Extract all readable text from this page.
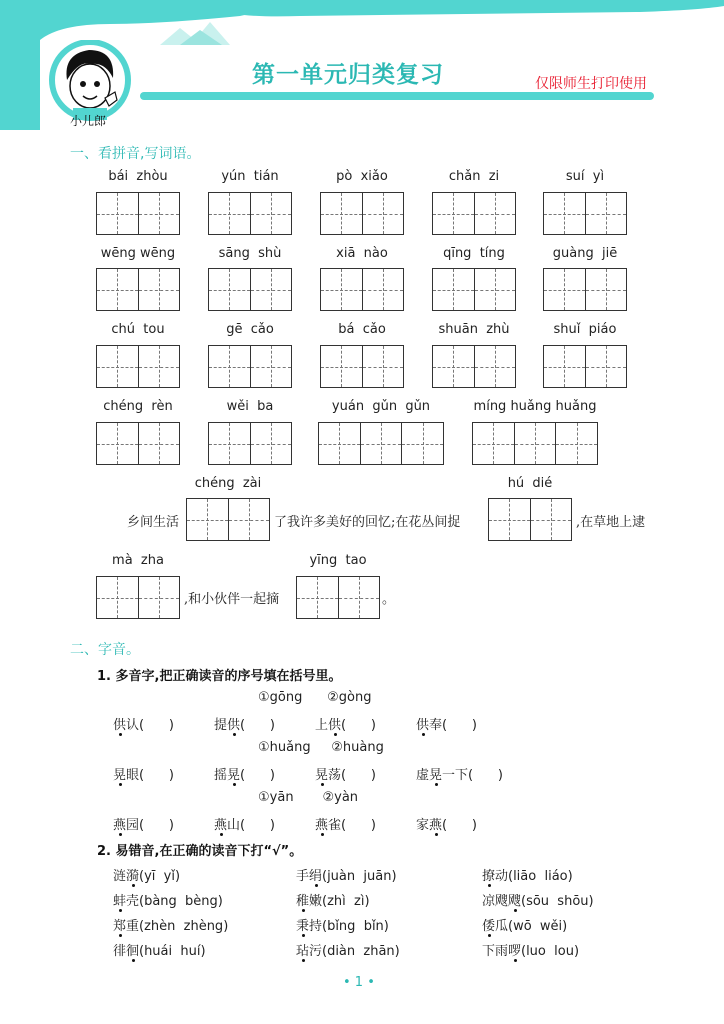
小儿郎
第一单元归类复习	仅限师生打印使用
一、看拼音,写词语。
bái  zhòu	yún  tián	pò  xiǎo	chǎn  zi	suí  yì
wēng wēng	sāng  shù	xiā  nào	qīng  tíng	guàng  jiē
chú  tou	gē  cǎo	bá  cǎo	shuān  zhù	shuǐ  piáo
chéng  rèn	wěi  ba	yuán  gǔn  gǔn	míng huǎng huǎng
chéng  zài	hú  dié
乡间生活	了我许多美好的回忆;在花丛间捉	,在草地上逮
mà  zha	yīng  tao
,和小伙伴一起摘	。
二、字音。
1. 多音字,把正确读音的序号填在括号里。
①gōng      ②gòng
供认(      )	提供(      )	上供(      )	供奉(      )
①huǎng     ②huàng
晃眼(      )	摇晃(      )	晃荡(      )	虚晃一下(      )
①yān       ②yàn
燕园(      )	燕山(      )	燕雀(      )	家燕(      )
2. 易错音,在正确的读音下打“√”。
涟漪(yī  yǐ)	手绢(juàn  juān)	撩动(liāo  liáo)
蚌壳(bàng  bèng)	稚嫩(zhì  zì)	凉飕飕(sōu  shōu)
郑重(zhèn  zhèng)	秉持(bǐng  bǐn)	倭瓜(wō  wěi)
徘徊(huái  huí)	玷污(diàn  zhān)	下雨啰(luo  lou)
• 1 •
